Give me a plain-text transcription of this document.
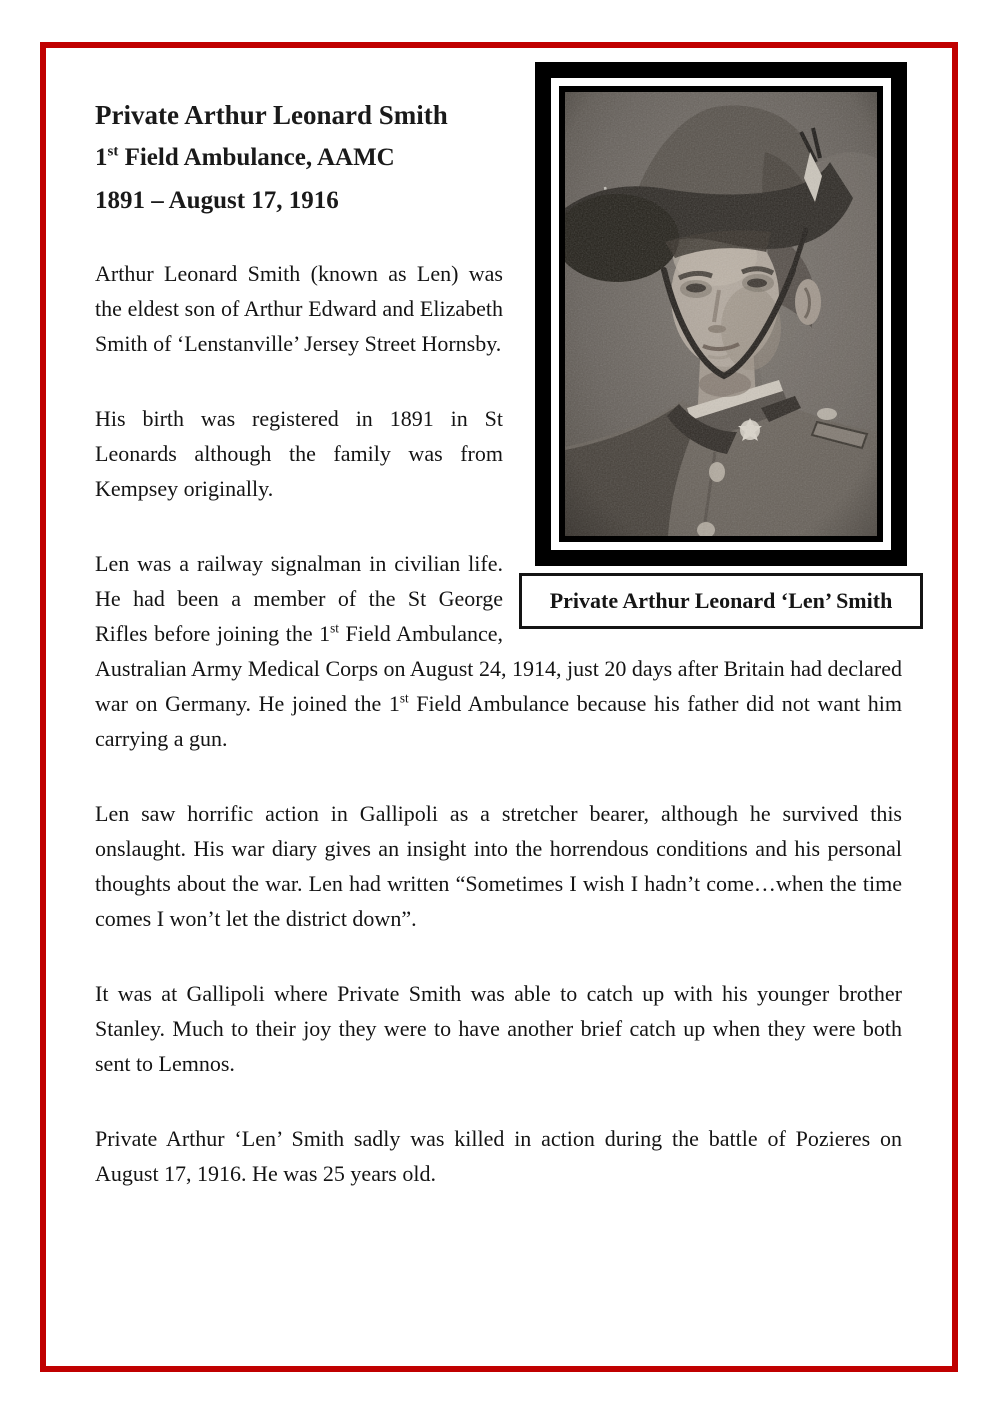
Private Arthur Leonard ‘Len’ Smith
Private Arthur Leonard Smith
1st Field Ambulance, AAMC
1891 – August 17, 1916

Arthur Leonard Smith (known as Len) was the eldest son of Arthur Edward and Elizabeth Smith of ‘Lenstanville’ Jersey Street Hornsby.

His birth was registered in 1891 in St Leonards although the family was from Kempsey originally.

Len was a railway signalman in civilian life. He had been a member of the St George Rifles before joining the 1st Field Ambulance, Australian Army Medical Corps on August 24, 1914, just 20 days after Britain had declared war on Germany. He joined the 1st Field Ambulance because his father did not want him carrying a gun.

Len saw horrific action in Gallipoli as a stretcher bearer, although he survived this onslaught. His war diary gives an insight into the horrendous conditions and his personal thoughts about the war. Len had written “Sometimes I wish I hadn’t come…when the time comes I won’t let the district down”.

It was at Gallipoli where Private Smith was able to catch up with his younger brother Stanley. Much to their joy they were to have another brief catch up when they were both sent to Lemnos.

Private Arthur ‘Len’ Smith sadly was killed in action during the battle of Pozieres on August 17, 1916. He was 25 years old.
